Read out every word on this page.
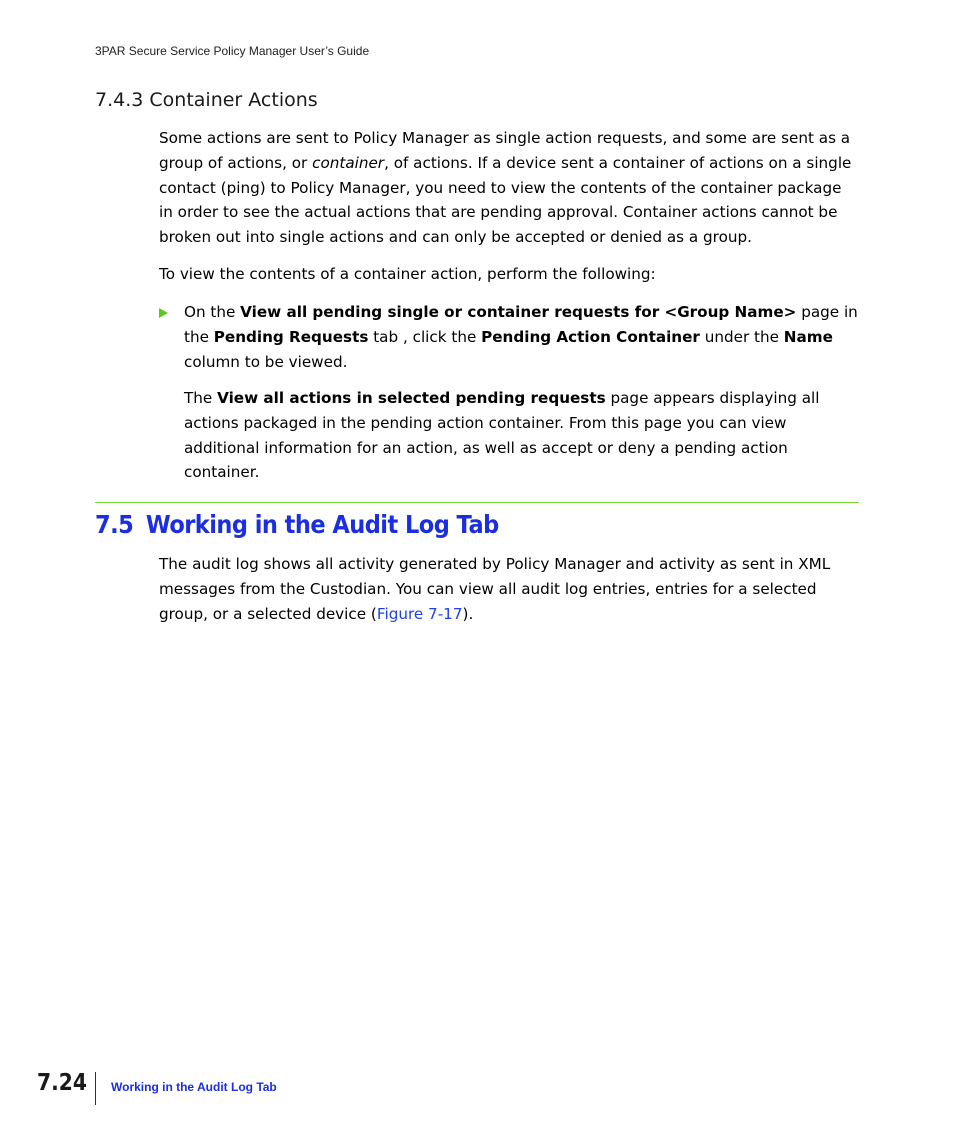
3PAR Secure Service Policy Manager User’s Guide
7.4.3 Container Actions

Some actions are sent to Policy Manager as single action requests, and some are sent as a group of actions, or container, of actions. If a device sent a container of actions on a single contact (ping) to Policy Manager, you need to view the contents of the container package in order to see the actual actions that are pending approval. Container actions cannot be broken out into single actions and can only be accepted or denied as a group.

To view the contents of a container action, perform the following:

On the View all pending single or container requests for <Group Name> page in the Pending Requests tab , click the Pending Action Container under the Name column to be viewed.

The View all actions in selected pending requests page appears displaying all actions packaged in the pending action container. From this page you can view additional information for an action, as well as accept or deny a pending action container.

7.5 Working in the Audit Log Tab

The audit log shows all activity generated by Policy Manager and activity as sent in XML messages from the Custodian. You can view all audit log entries, entries for a selected group, or a selected device (Figure 7-17).

7.24 Working in the Audit Log Tab
